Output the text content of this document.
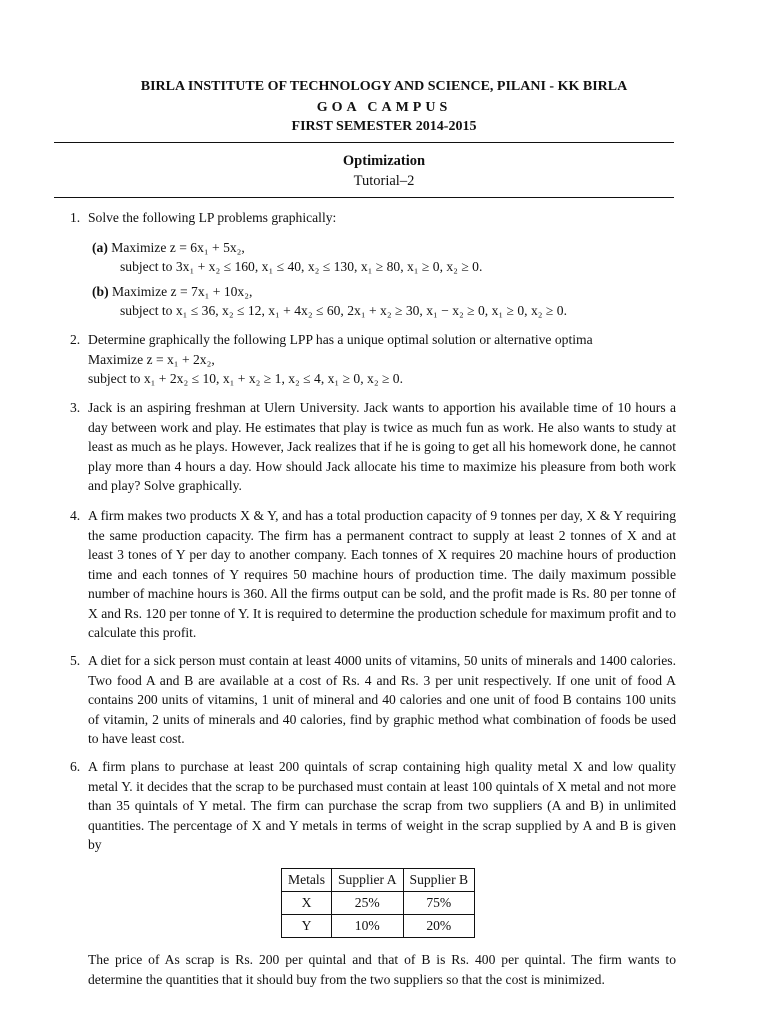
BIRLA INSTITUTE OF TECHNOLOGY AND SCIENCE, PILANI - KK BIRLA
GOA CAMPUS
FIRST SEMESTER 2014-2015
Optimization
Tutorial–2
1. Solve the following LP problems graphically:
(a) Maximize z = 6x₁ + 5x₂,
subject to 3x₁ + x₂ ≤ 160, x₁ ≤ 40, x₂ ≤ 130, x₁ ≥ 80, x₁ ≥ 0, x₂ ≥ 0.
(b) Maximize z = 7x₁ + 10x₂,
subject to x₁ ≤ 36, x₂ ≤ 12, x₁ + 4x₂ ≤ 60, 2x₁ + x₂ ≥ 30, x₁ − x₂ ≥ 0, x₁ ≥ 0, x₂ ≥ 0.
2. Determine graphically the following LPP has a unique optimal solution or alternative optima
Maximize z = x₁ + 2x₂,
subject to x₁ + 2x₂ ≤ 10, x₁ + x₂ ≥ 1, x₂ ≤ 4, x₁ ≥ 0, x₂ ≥ 0.
3. Jack is an aspiring freshman at Ulern University. Jack wants to apportion his available time of 10 hours a day between work and play. He estimates that play is twice as much fun as work. He also wants to study at least as much as he plays. However, Jack realizes that if he is going to get all his homework done, he cannot play more than 4 hours a day. How should Jack allocate his time to maximize his pleasure from both work and play? Solve graphically.
4. A firm makes two products X & Y, and has a total production capacity of 9 tonnes per day, X & Y requiring the same production capacity. The firm has a permanent contract to supply at least 2 tonnes of X and at least 3 tones of Y per day to another company. Each tonnes of X requires 20 machine hours of production time and each tonnes of Y requires 50 machine hours of production time. The daily maximum possible number of machine hours is 360. All the firms output can be sold, and the profit made is Rs. 80 per tonne of X and Rs. 120 per tonne of Y. It is required to determine the production schedule for maximum profit and to calculate this profit.
5. A diet for a sick person must contain at least 4000 units of vitamins, 50 units of minerals and 1400 calories. Two food A and B are available at a cost of Rs. 4 and Rs. 3 per unit respectively. If one unit of food A contains 200 units of vitamins, 1 unit of mineral and 40 calories and one unit of food B contains 100 units of vitamin, 2 units of minerals and 40 calories, find by graphic method what combination of foods be used to have least cost.
6. A firm plans to purchase at least 200 quintals of scrap containing high quality metal X and low quality metal Y. it decides that the scrap to be purchased must contain at least 100 quintals of X metal and not more than 35 quintals of Y metal. The firm can purchase the scrap from two suppliers (A and B) in unlimited quantities. The percentage of X and Y metals in terms of weight in the scrap supplied by A and B is given by
Metals	Supplier A	Supplier B
X	25%	75%
Y	10%	20%
The price of As scrap is Rs. 200 per quintal and that of B is Rs. 400 per quintal. The firm wants to determine the quantities that it should buy from the two suppliers so that the cost is minimized.
